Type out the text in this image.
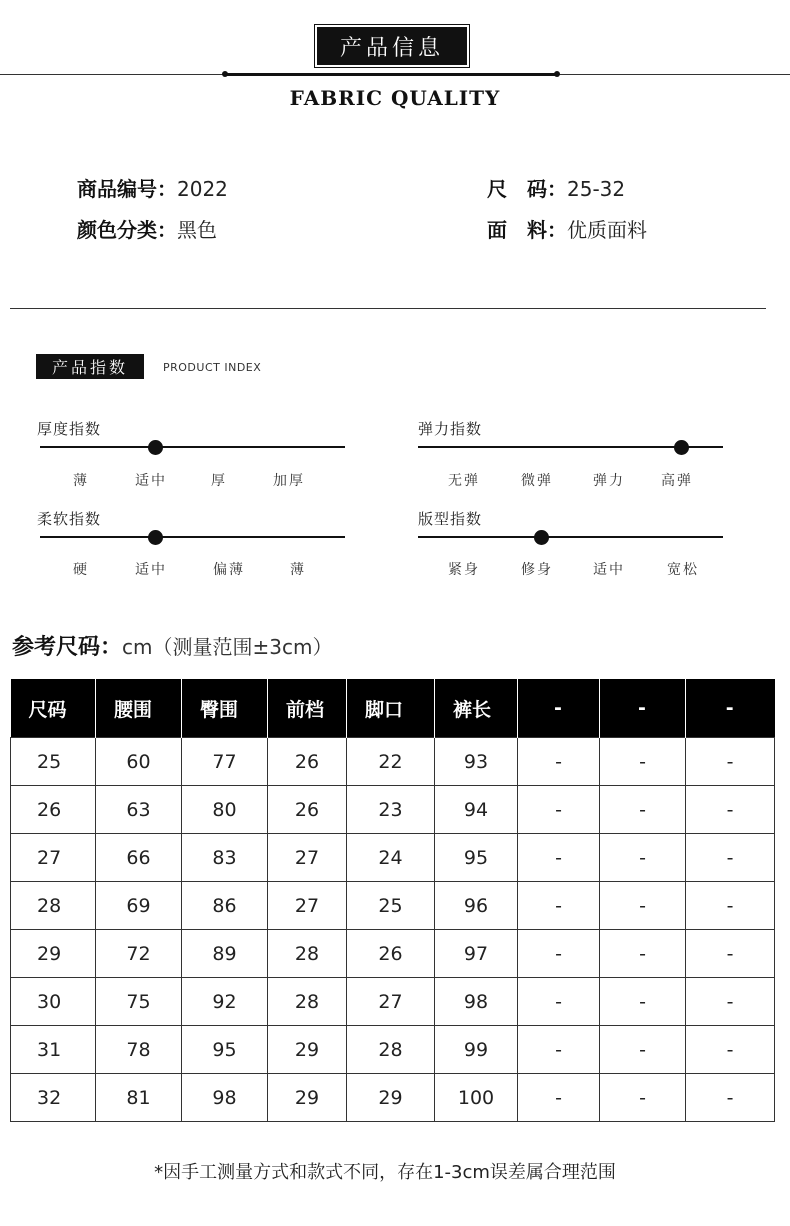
产品信息
FABRIC QUALITY
商品编号：2022	尺　码：25-32
颜色分类：黑色	面　料：优质面料
产品指数	PRODUCT INDEX
厚度指数
薄	适中	厚	加厚
弹力指数
无弹	微弹	弹力	高弹
柔软指数
硬	适中	偏薄	薄
版型指数
紧身	修身	适中	宽松
参考尺码：cm（测量范围±3cm）
尺码	腰围	臀围	前档	脚口	裤长	-	-	-
25	60	77	26	22	93	-	-	-
26	63	80	26	23	94	-	-	-
27	66	83	27	24	95	-	-	-
28	69	86	27	25	96	-	-	-
29	72	89	28	26	97	-	-	-
30	75	92	28	27	98	-	-	-
31	78	95	29	28	99	-	-	-
32	81	98	29	29	100	-	-	-
*因手工测量方式和款式不同，存在1-3cm误差属合理范围
